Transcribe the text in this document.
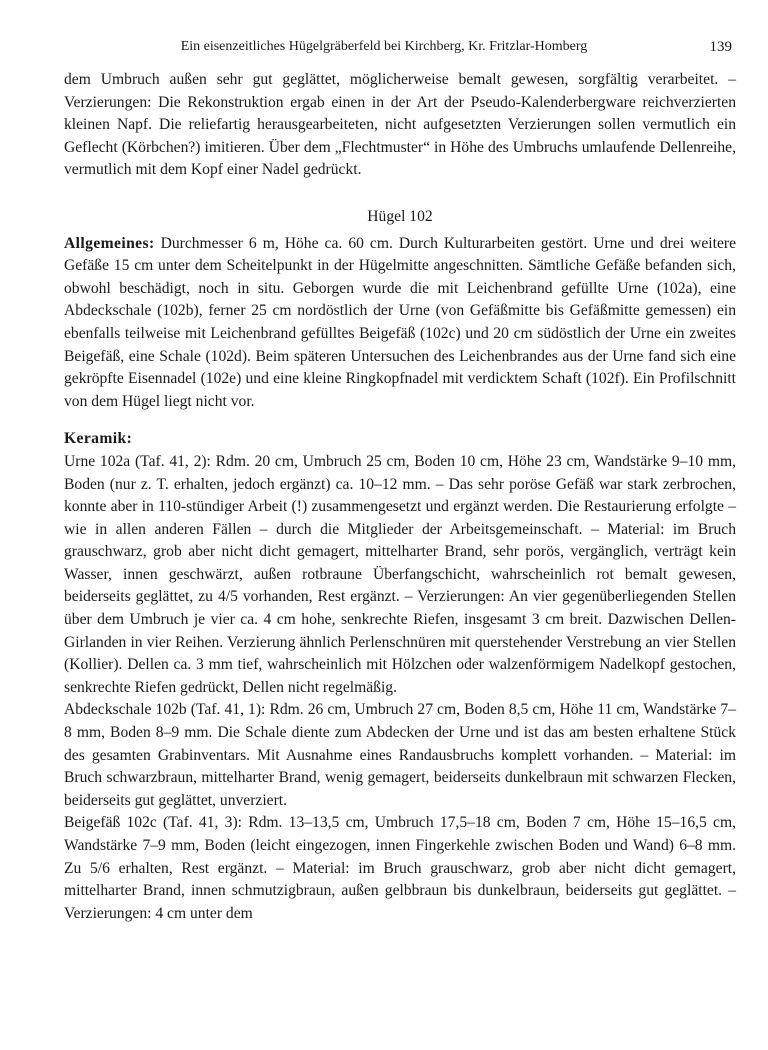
Ein eisenzeitliches Hügelgräberfeld bei Kirchberg, Kr. Fritzlar-Homberg	139

dem Umbruch außen sehr gut geglättet, möglicherweise bemalt gewesen, sorgfältig verarbeitet. – Verzierungen: Die Rekonstruktion ergab einen in der Art der Pseudo-Kalenderbergware reichverzierten kleinen Napf. Die reliefartig herausgearbeiteten, nicht aufgesetzten Verzierungen sollen vermutlich ein Geflecht (Körbchen?) imitieren. Über dem „Flechtmuster“ in Höhe des Umbruchs umlaufende Dellenreihe, vermutlich mit dem Kopf einer Nadel gedrückt.

Hügel 102

Allgemeines: Durchmesser 6 m, Höhe ca. 60 cm. Durch Kulturarbeiten gestört. Urne und drei weitere Gefäße 15 cm unter dem Scheitelpunkt in der Hügelmitte angeschnitten. Sämtliche Gefäße befanden sich, obwohl beschädigt, noch in situ. Geborgen wurde die mit Leichenbrand gefüllte Urne (102a), eine Abdeckschale (102b), ferner 25 cm nordöstlich der Urne (von Gefäßmitte bis Gefäßmitte gemessen) ein ebenfalls teilweise mit Leichenbrand gefülltes Beigefäß (102c) und 20 cm südöstlich der Urne ein zweites Beigefäß, eine Schale (102d). Beim späteren Untersuchen des Leichenbrandes aus der Urne fand sich eine gekröpfte Eisennadel (102e) und eine kleine Ringkopfnadel mit verdicktem Schaft (102f). Ein Profilschnitt von dem Hügel liegt nicht vor.

Keramik:

Urne 102a (Taf. 41, 2): Rdm. 20 cm, Umbruch 25 cm, Boden 10 cm, Höhe 23 cm, Wandstärke 9–10 mm, Boden (nur z. T. erhalten, jedoch ergänzt) ca. 10–12 mm. – Das sehr poröse Gefäß war stark zerbrochen, konnte aber in 110-stündiger Arbeit (!) zusammengesetzt und ergänzt werden. Die Restaurierung erfolgte – wie in allen anderen Fällen – durch die Mitglieder der Arbeitsgemeinschaft. – Material: im Bruch grauschwarz, grob aber nicht dicht gemagert, mittelharter Brand, sehr porös, vergänglich, verträgt kein Wasser, innen geschwärzt, außen rotbraune Überfangschicht, wahrscheinlich rot bemalt gewesen, beiderseits geglättet, zu 4/5 vorhanden, Rest ergänzt. – Verzierungen: An vier gegenüberliegenden Stellen über dem Umbruch je vier ca. 4 cm hohe, senkrechte Riefen, insgesamt 3 cm breit. Dazwischen Dellen-Girlanden in vier Reihen. Verzierung ähnlich Perlenschnüren mit querstehender Verstrebung an vier Stellen (Kollier). Dellen ca. 3 mm tief, wahrscheinlich mit Hölzchen oder walzenförmigem Nadelkopf gestochen, senkrechte Riefen gedrückt, Dellen nicht regelmäßig.

Abdeckschale 102b (Taf. 41, 1): Rdm. 26 cm, Umbruch 27 cm, Boden 8,5 cm, Höhe 11 cm, Wandstärke 7–8 mm, Boden 8–9 mm. Die Schale diente zum Abdecken der Urne und ist das am besten erhaltene Stück des gesamten Grabinventars. Mit Ausnahme eines Randausbruchs komplett vorhanden. – Material: im Bruch schwarzbraun, mittelharter Brand, wenig gemagert, beiderseits dunkelbraun mit schwarzen Flecken, beiderseits gut geglättet, unverziert.

Beigefäß 102c (Taf. 41, 3): Rdm. 13–13,5 cm, Umbruch 17,5–18 cm, Boden 7 cm, Höhe 15–16,5 cm, Wandstärke 7–9 mm, Boden (leicht eingezogen, innen Fingerkehle zwischen Boden und Wand) 6–8 mm. Zu 5/6 erhalten, Rest ergänzt. – Material: im Bruch grauschwarz, grob aber nicht dicht gemagert, mittelharter Brand, innen schmutzigbraun, außen gelbbraun bis dunkelbraun, beiderseits gut geglättet. – Verzierungen: 4 cm unter dem
